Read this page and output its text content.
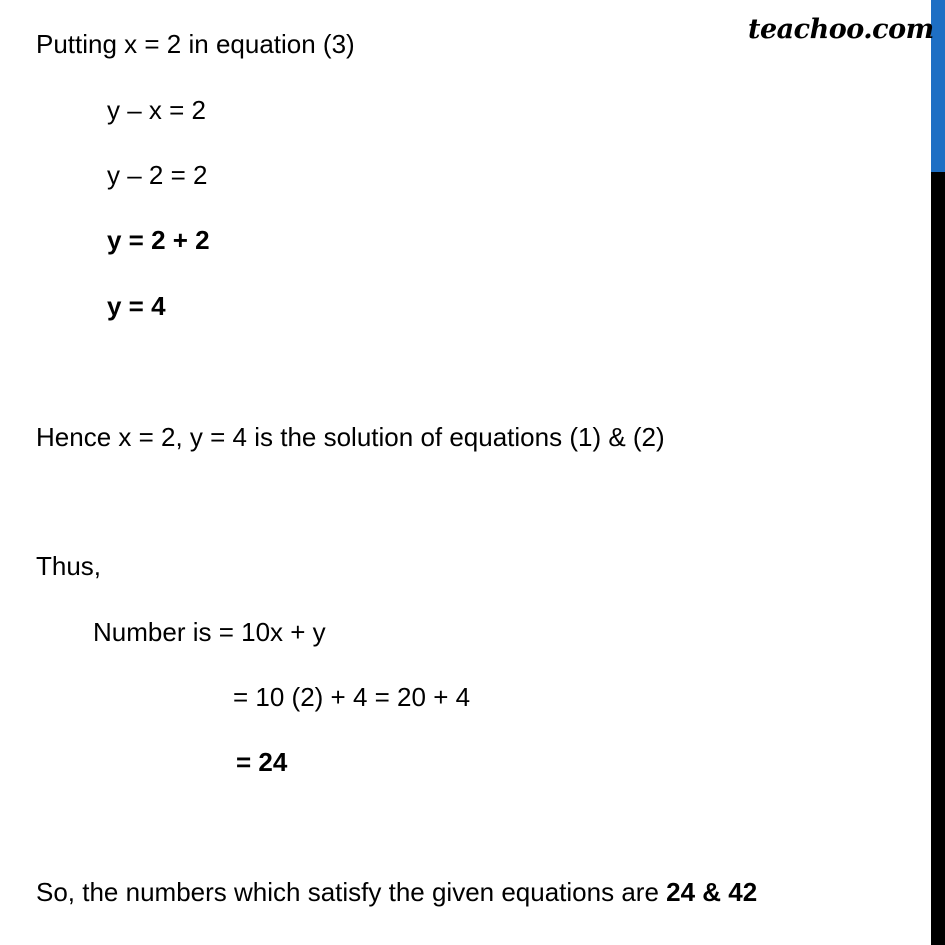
teachoo.com
Putting x = 2 in equation (3)
y – x = 2
y – 2 = 2
y = 2 + 2
y = 4
Hence x = 2, y = 4 is the solution of equations (1) & (2)
Thus,
Number is = 10x + y
= 10 (2) + 4 = 20 + 4
= 24
So, the numbers which satisfy the given equations are 24 & 42
